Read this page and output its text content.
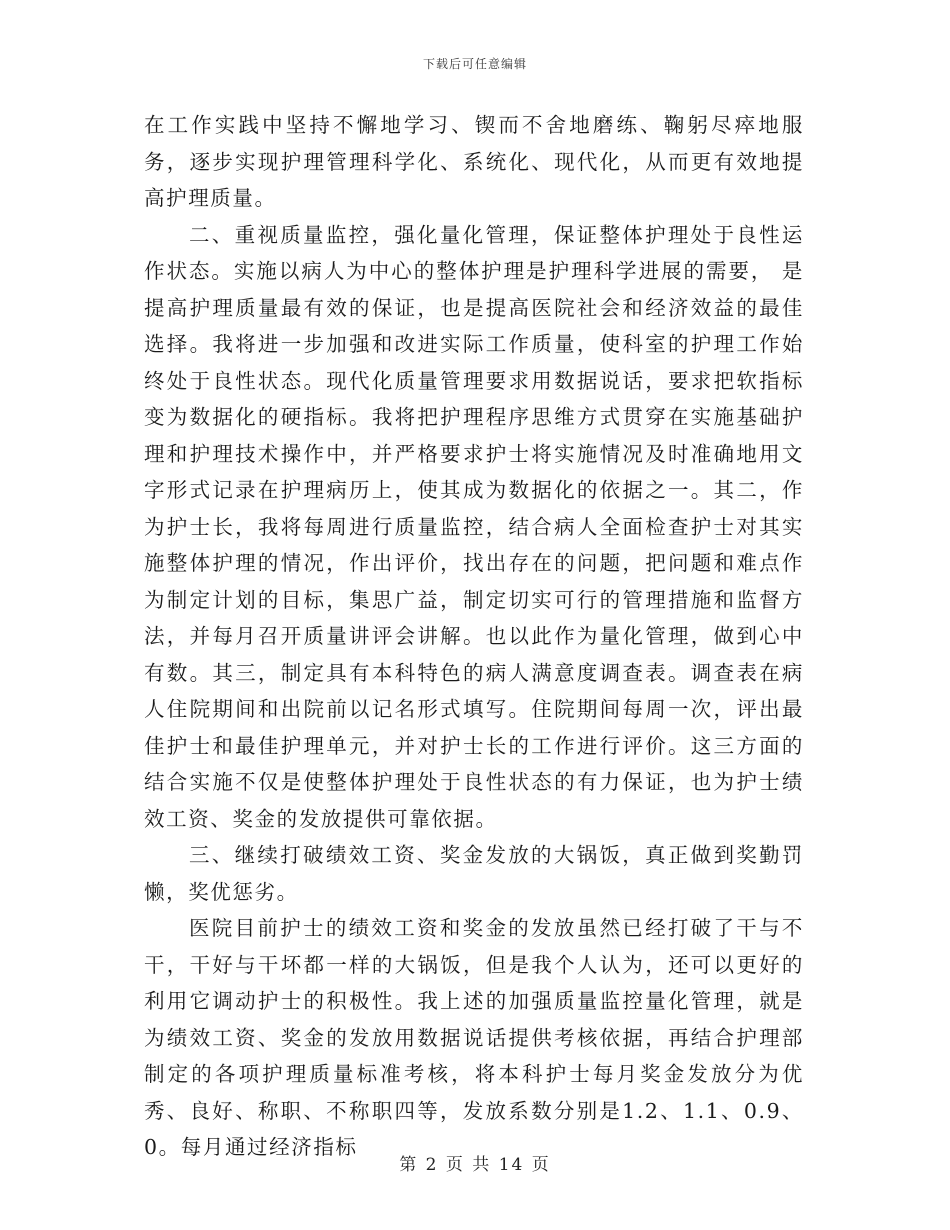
下载后可任意编辑

在工作实践中坚持不懈地学习、锲而不舍地磨练、鞠躬尽瘁地服务，逐步实现护理管理科学化、系统化、现代化，从而更有效地提高护理质量。

二、重视质量监控，强化量化管理，保证整体护理处于良性运作状态。实施以病人为中心的整体护理是护理科学进展的需要， 是提高护理质量最有效的保证，也是提高医院社会和经济效益的最佳选择。我将进一步加强和改进实际工作质量，使科室的护理工作始终处于良性状态。现代化质量管理要求用数据说话，要求把软指标变为数据化的硬指标。我将把护理程序思维方式贯穿在实施基础护理和护理技术操作中，并严格要求护士将实施情况及时准确地用文字形式记录在护理病历上，使其成为数据化的依据之一。其二，作为护士长，我将每周进行质量监控，结合病人全面检查护士对其实施整体护理的情况，作出评价，找出存在的问题，把问题和难点作为制定计划的目标，集思广益，制定切实可行的管理措施和监督方法，并每月召开质量讲评会讲解。也以此作为量化管理，做到心中有数。其三，制定具有本科特色的病人满意度调查表。调查表在病人住院期间和出院前以记名形式填写。住院期间每周一次，评出最佳护士和最佳护理单元，并对护士长的工作进行评价。这三方面的结合实施不仅是使整体护理处于良性状态的有力保证，也为护士绩效工资、奖金的发放提供可靠依据。

三、继续打破绩效工资、奖金发放的大锅饭，真正做到奖勤罚懒，奖优惩劣。

医院目前护士的绩效工资和奖金的发放虽然已经打破了干与不干，干好与干坏都一样的大锅饭，但是我个人认为，还可以更好的利用它调动护士的积极性。我上述的加强质量监控量化管理，就是为绩效工资、奖金的发放用数据说话提供考核依据，再结合护理部制定的各项护理质量标准考核，将本科护士每月奖金发放分为优秀、良好、称职、不称职四等，发放系数分别是1.2、1.1、0.9、0。每月通过经济指标

第 2 页 共 14 页
